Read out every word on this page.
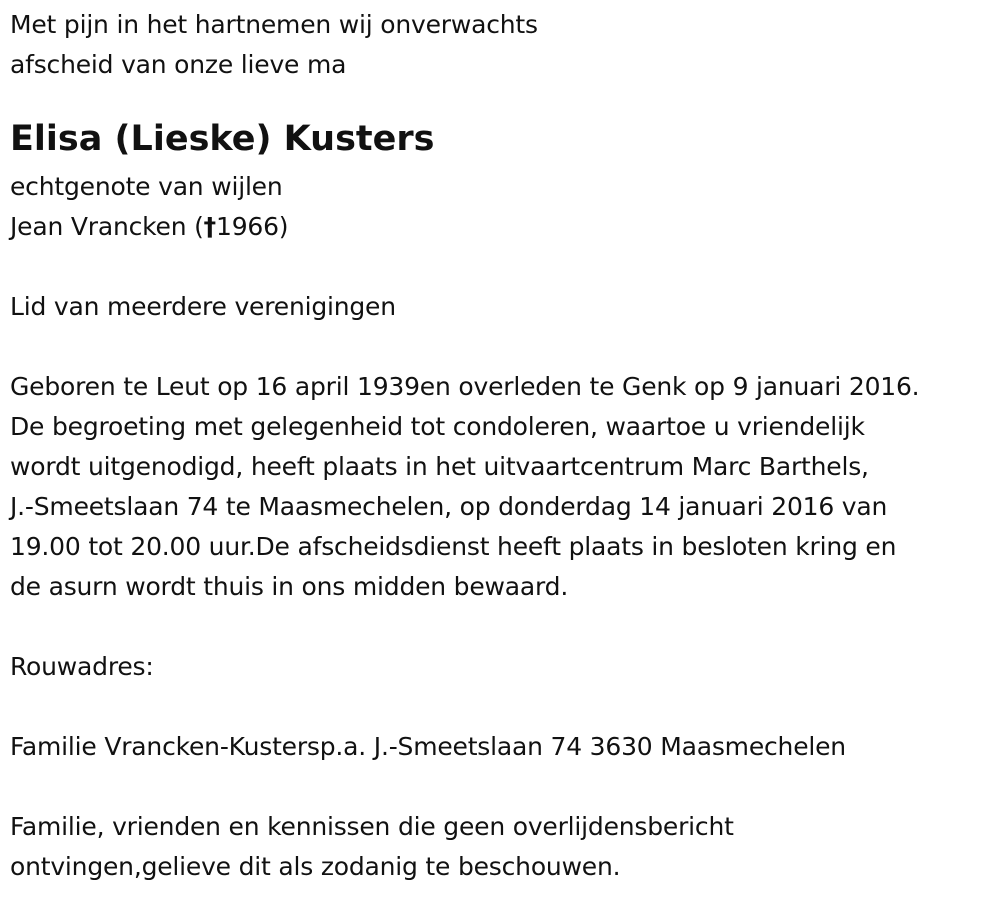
Met pijn in het hartnemen wij onverwachts
afscheid van onze lieve ma
Elisa (Lieske) Kusters
echtgenote van wijlen
Jean Vrancken (†1966)
Lid van meerdere verenigingen
Geboren te Leut op 16 april 1939en overleden te Genk op 9 januari 2016.
De begroeting met gelegenheid tot condoleren, waartoe u vriendelijk
wordt uitgenodigd, heeft plaats in het uitvaartcentrum Marc Barthels,
J.-Smeetslaan 74 te Maasmechelen, op donderdag 14 januari 2016 van
19.00 tot 20.00 uur.De afscheidsdienst heeft plaats in besloten kring en
de asurn wordt thuis in ons midden bewaard.
Rouwadres:
Familie Vrancken-Kustersp.a. J.-Smeetslaan 74 3630 Maasmechelen
Familie, vrienden en kennissen die geen overlijdensbericht
ontvingen,gelieve dit als zodanig te beschouwen.
